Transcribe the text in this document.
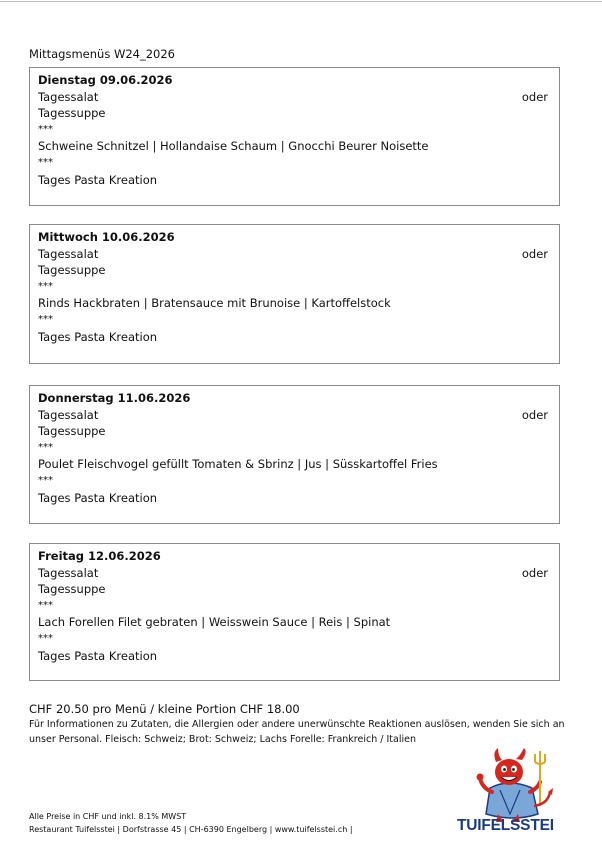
Mittagsmenüs W24_2026
Dienstag 09.06.2026
Tagessalat
Tagessuppe
***
Schweine Schnitzel | Hollandaise Schaum | Gnocchi Beurer Noisette
***
Tages Pasta Kreation
oder
Mittwoch 10.06.2026
Tagessalat
Tagessuppe
***
Rinds Hackbraten | Bratensauce mit Brunoise | Kartoffelstock
***
Tages Pasta Kreation
oder
Donnerstag 11.06.2026
Tagessalat
Tagessuppe
***
Poulet Fleischvogel gefüllt Tomaten & Sbrinz | Jus | Süsskartoffel Fries
***
Tages Pasta Kreation
oder
Freitag 12.06.2026
Tagessalat
Tagessuppe
***
Lach Forellen Filet gebraten | Weisswein Sauce | Reis | Spinat
***
Tages Pasta Kreation
oder
CHF 20.50 pro Menü / kleine Portion CHF 18.00
Für Informationen zu Zutaten, die Allergien oder andere unerwünschte Reaktionen auslösen, wenden Sie sich an unser Personal. Fleisch: Schweiz; Brot: Schweiz; Lachs Forelle: Frankreich / Italien
Alle Preise in CHF und inkl. 8.1% MWST
Restaurant Tuifelsstei | Dorfstrasse 45 | CH-6390 Engelberg | www.tuifelsstei.ch |	TUIFELSSTEI
